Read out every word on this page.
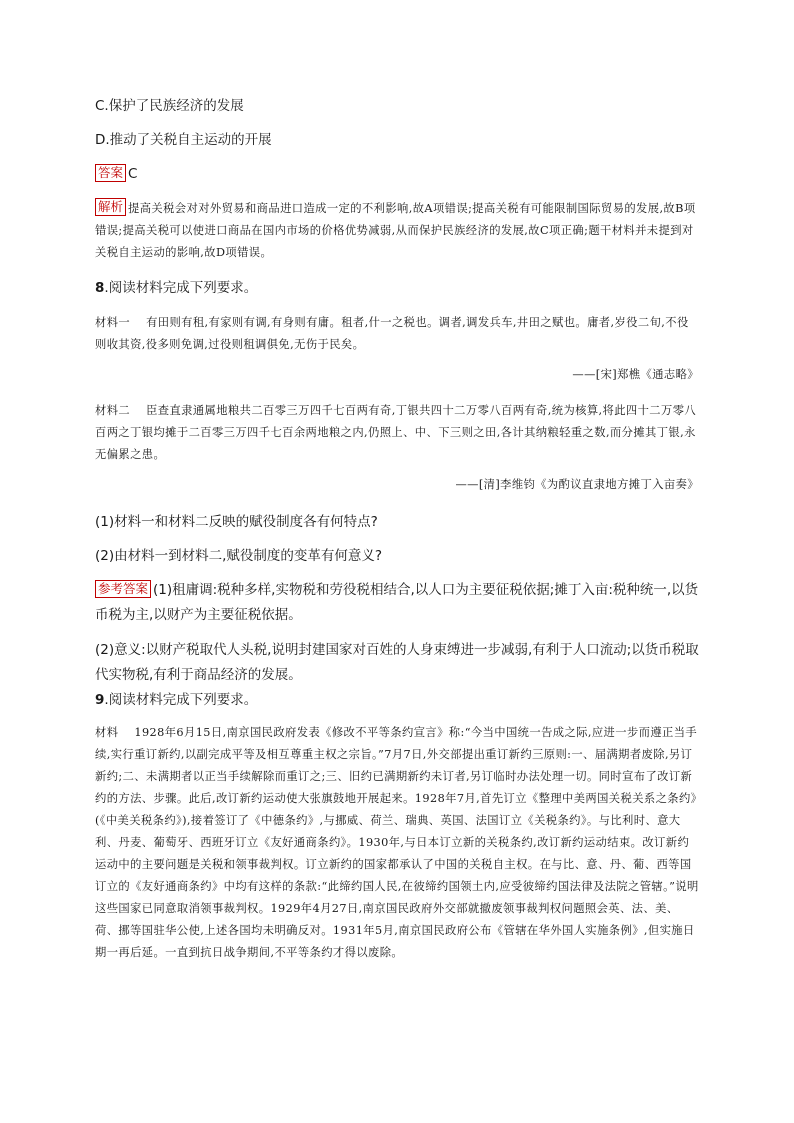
C.保护了民族经济的发展
D.推动了关税自主运动的开展
答案 C
解析 提高关税会对对外贸易和商品进口造成一定的不利影响,故A项错误;提高关税有可能限制国际贸易的发展,故B项错误;提高关税可以使进口商品在国内市场的价格优势减弱,从而保护民族经济的发展,故C项正确;题干材料并未提到对关税自主运动的影响,故D项错误。
8.阅读材料完成下列要求。
材料一 有田则有租,有家则有调,有身则有庸。租者,什一之税也。调者,调发兵车,井田之赋也。庸者,岁役二旬,不役则收其资,役多则免调,过役则租调俱免,无伤于民矣。
——[宋]郑樵《通志略》
材料二 臣查直隶通属地粮共二百零三万四千七百两有奇,丁银共四十二万零八百两有奇,统为核算,将此四十二万零八百两之丁银均摊于二百零三万四千七百余两地粮之内,仍照上、中、下三则之田,各计其纳粮轻重之数,而分摊其丁银,永无偏累之患。
——[清]李维钧《为酌议直隶地方摊丁入亩奏》
(1)材料一和材料二反映的赋役制度各有何特点?
(2)由材料一到材料二,赋役制度的变革有何意义?
参考答案 (1)租庸调:税种多样,实物税和劳役税相结合,以人口为主要征税依据;摊丁入亩:税种统一,以货币税为主,以财产为主要征税依据。
(2)意义:以财产税取代人头税,说明封建国家对百姓的人身束缚进一步减弱,有利于人口流动;以货币税取代实物税,有利于商品经济的发展。
9.阅读材料完成下列要求。
材料 1928年6月15日,南京国民政府发表《修改不平等条约宣言》称:“今当中国统一告成之际,应进一步而遵正当手续,实行重订新约,以副完成平等及相互尊重主权之宗旨。”7月7日,外交部提出重订新约三原则:一、届满期者废除,另订新约;二、未满期者以正当手续解除而重订之;三、旧约已满期新约未订者,另订临时办法处理一切。同时宣布了改订新约的方法、步骤。此后,改订新约运动使大张旗鼓地开展起来。1928年7月,首先订立《整理中美两国关税关系之条约》(《中美关税条约》),接着签订了《中德条约》,与挪威、荷兰、瑞典、英国、法国订立《关税条约》。与比利时、意大利、丹麦、葡萄牙、西班牙订立《友好通商条约》。1930年,与日本订立新的关税条约,改订新约运动结束。改订新约运动中的主要问题是关税和领事裁判权。订立新约的国家都承认了中国的关税自主权。在与比、意、丹、葡、西等国订立的《友好通商条约》中均有这样的条款:“此缔约国人民,在彼缔约国领土内,应受彼缔约国法律及法院之管辖。”说明这些国家已同意取消领事裁判权。1929年4月27日,南京国民政府外交部就撤废领事裁判权问题照会英、法、美、荷、挪等国驻华公使,上述各国均未明确反对。1931年5月,南京国民政府公布《管辖在华外国人实施条例》,但实施日期一再后延。一直到抗日战争期间,不平等条约才得以废除。
